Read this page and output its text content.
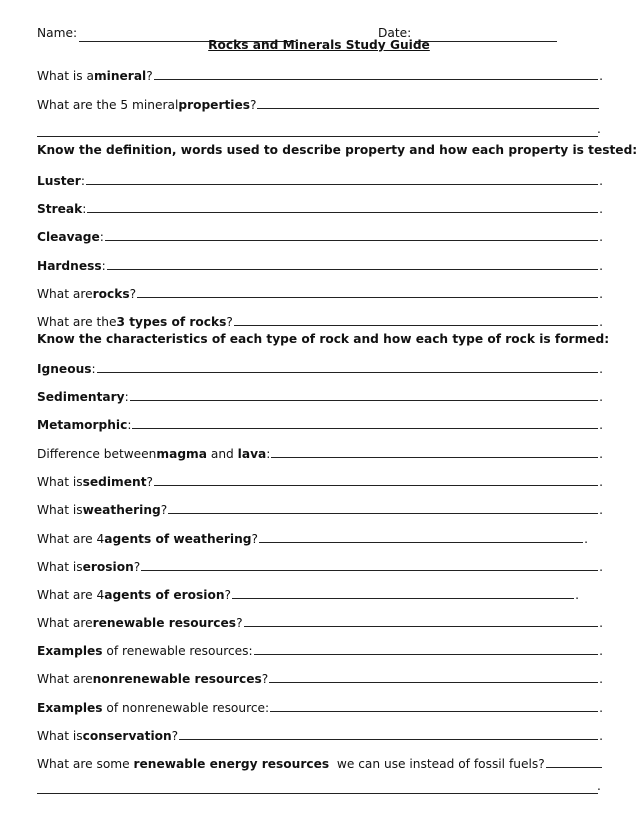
Name:	Date:
Rocks and Minerals Study Guide
What is a mineral ?	.
What are the 5 mineral properties ?
.
Know the definition, words used to describe property and how each property is tested:
Luster :	.
Streak :	.
Cleavage :	.
Hardness :	.
What are rocks ?	.
What are the 3 types of rocks ?	.
Know the characteristics of each type of rock and how each type of rock is formed:
Igneous :	.
Sedimentary :	.
Metamorphic :	.
Difference between magma and lava :	.
What is sediment ?	.
What is weathering ?	.
What are 4 agents of weathering ?	.
What is erosion ?	.
What are 4 agents of erosion ?	.
What are renewable resources ?	.
Examples of renewable resources:	.
What are nonrenewable resources ?	.
Examples of nonrenewable resource:	.
What is conservation ?	.
What are some renewable energy resources we can use instead of fossil fuels?
.
